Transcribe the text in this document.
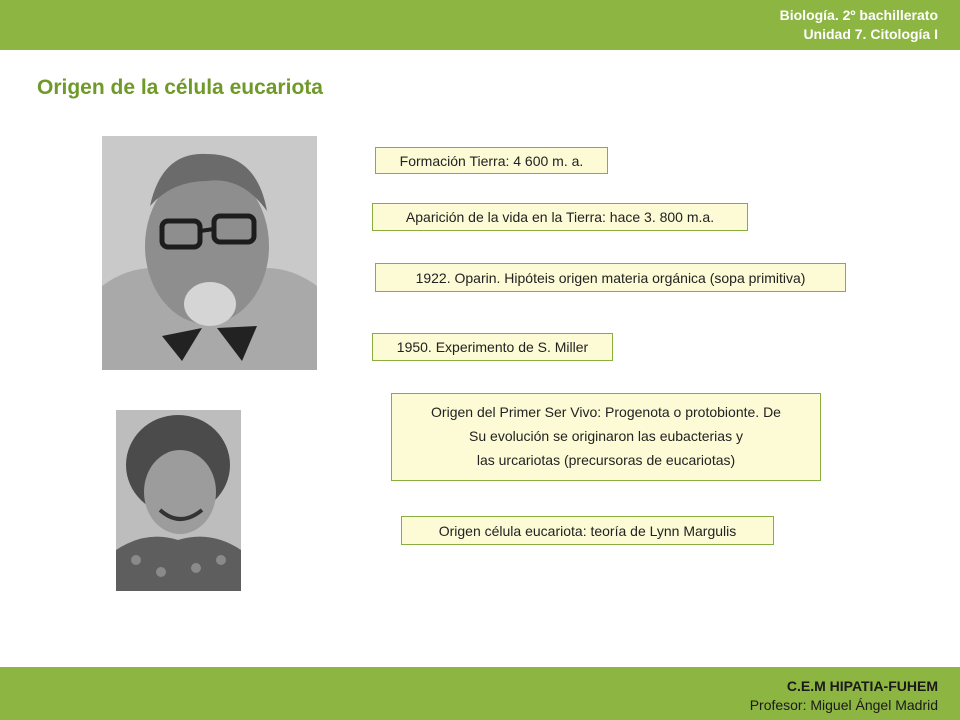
Biología. 2º bachillerato
Unidad 7. Citología I
Origen de la célula eucariota
Formación Tierra: 4 600 m. a.
Aparición de la vida en la Tierra: hace 3. 800 m.a.
1922. Oparin. Hipóteis origen materia orgánica (sopa primitiva)
1950. Experimento de S. Miller
Origen del Primer Ser Vivo: Progenota o protobionte. De
Su evolución se originaron las eubacterias y
las urcariotas (precursoras de eucariotas)
Origen célula eucariota: teoría de Lynn Margulis
C.E.M HIPATIA-FUHEM
Profesor: Miguel Ángel Madrid
